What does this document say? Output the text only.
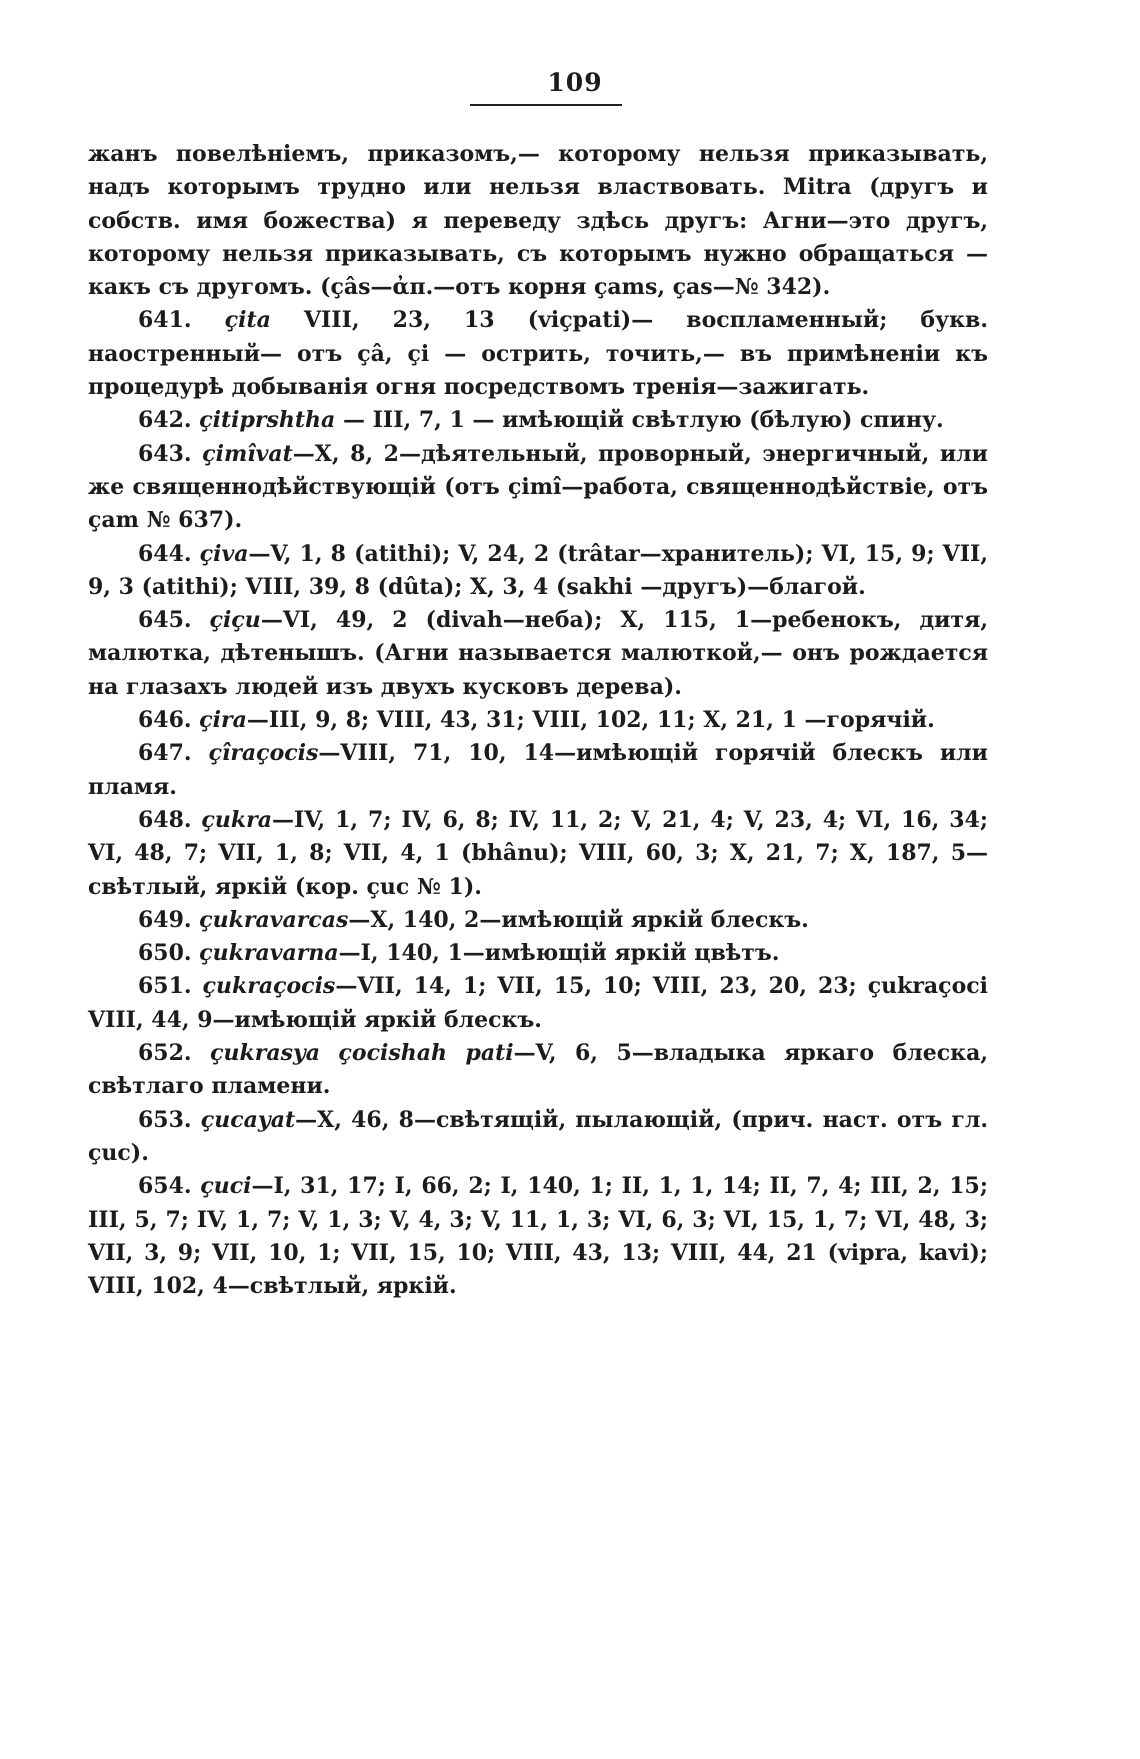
109

жанъ повелѣніемъ, приказомъ,— которому нельзя приказывать, надъ которымъ трудно или нельзя властвовать. Mitra (другъ и собств. имя божества) я переведу здѣсь другъ: Агни—это другъ, которому нельзя приказывать, съ которымъ нужно обращаться —какъ съ другомъ. (çâs—ἀπ.—отъ корня çams, ças—№ 342).

641. çita VIII, 23, 13 (viçpati)— воспламенный; букв. наостренный— отъ çâ, çi — острить, точить,— въ примѣненіи къ процедурѣ добыванія огня посредствомъ тренія—зажигать.

642. çitiprshtha — III, 7, 1 — имѣющій свѣтлую (бѣлую) спину.

643. çimîvat—X, 8, 2—дѣятельный, проворный, энергичный, или же священнодѣйствующій (отъ çimî—работа, священнодѣйствіе, отъ çam № 637).

644. çiva—V, 1, 8 (atithi); V, 24, 2 (trâtar—хранитель); VI, 15, 9; VII, 9, 3 (atithi); VIII, 39, 8 (dûta); X, 3, 4 (sakhi —другъ)—благой.

645. çiçu—VI, 49, 2 (divah—неба); X, 115, 1—ребенокъ, дитя, малютка, дѣтенышъ. (Агни называется малюткой,— онъ рождается на глазахъ людей изъ двухъ кусковъ дерева).

646. çira—III, 9, 8; VIII, 43, 31; VIII, 102, 11; X, 21, 1 —горячій.

647. çîraçocis—VIII, 71, 10, 14—имѣющій горячій блескъ или пламя.

648. çukra—IV, 1, 7; IV, 6, 8; IV, 11, 2; V, 21, 4; V, 23, 4; VI, 16, 34; VI, 48, 7; VII, 1, 8; VII, 4, 1 (bhânu); VIII, 60, 3; X, 21, 7; X, 187, 5—свѣтлый, яркій (кор. çuc № 1).

649. çukravarcas—X, 140, 2—имѣющій яркій блескъ.

650. çukravarna—I, 140, 1—имѣющій яркій цвѣтъ.

651. çukraçocis—VII, 14, 1; VII, 15, 10; VIII, 23, 20, 23; çukraçoci VIII, 44, 9—имѣющій яркій блескъ.

652. çukrasya çocishah pati—V, 6, 5—владыка яркаго блеска, свѣтлаго пламени.

653. çucayat—X, 46, 8—свѣтящій, пылающій, (прич. наст. отъ гл. çuc).

654. çuci—I, 31, 17; I, 66, 2; I, 140, 1; II, 1, 1, 14; II, 7, 4; III, 2, 15; III, 5, 7; IV, 1, 7; V, 1, 3; V, 4, 3; V, 11, 1, 3; VI, 6, 3; VI, 15, 1, 7; VI, 48, 3; VII, 3, 9; VII, 10, 1; VII, 15, 10; VIII, 43, 13; VIII, 44, 21 (vipra, kavi); VIII, 102, 4—свѣтлый, яркій.
